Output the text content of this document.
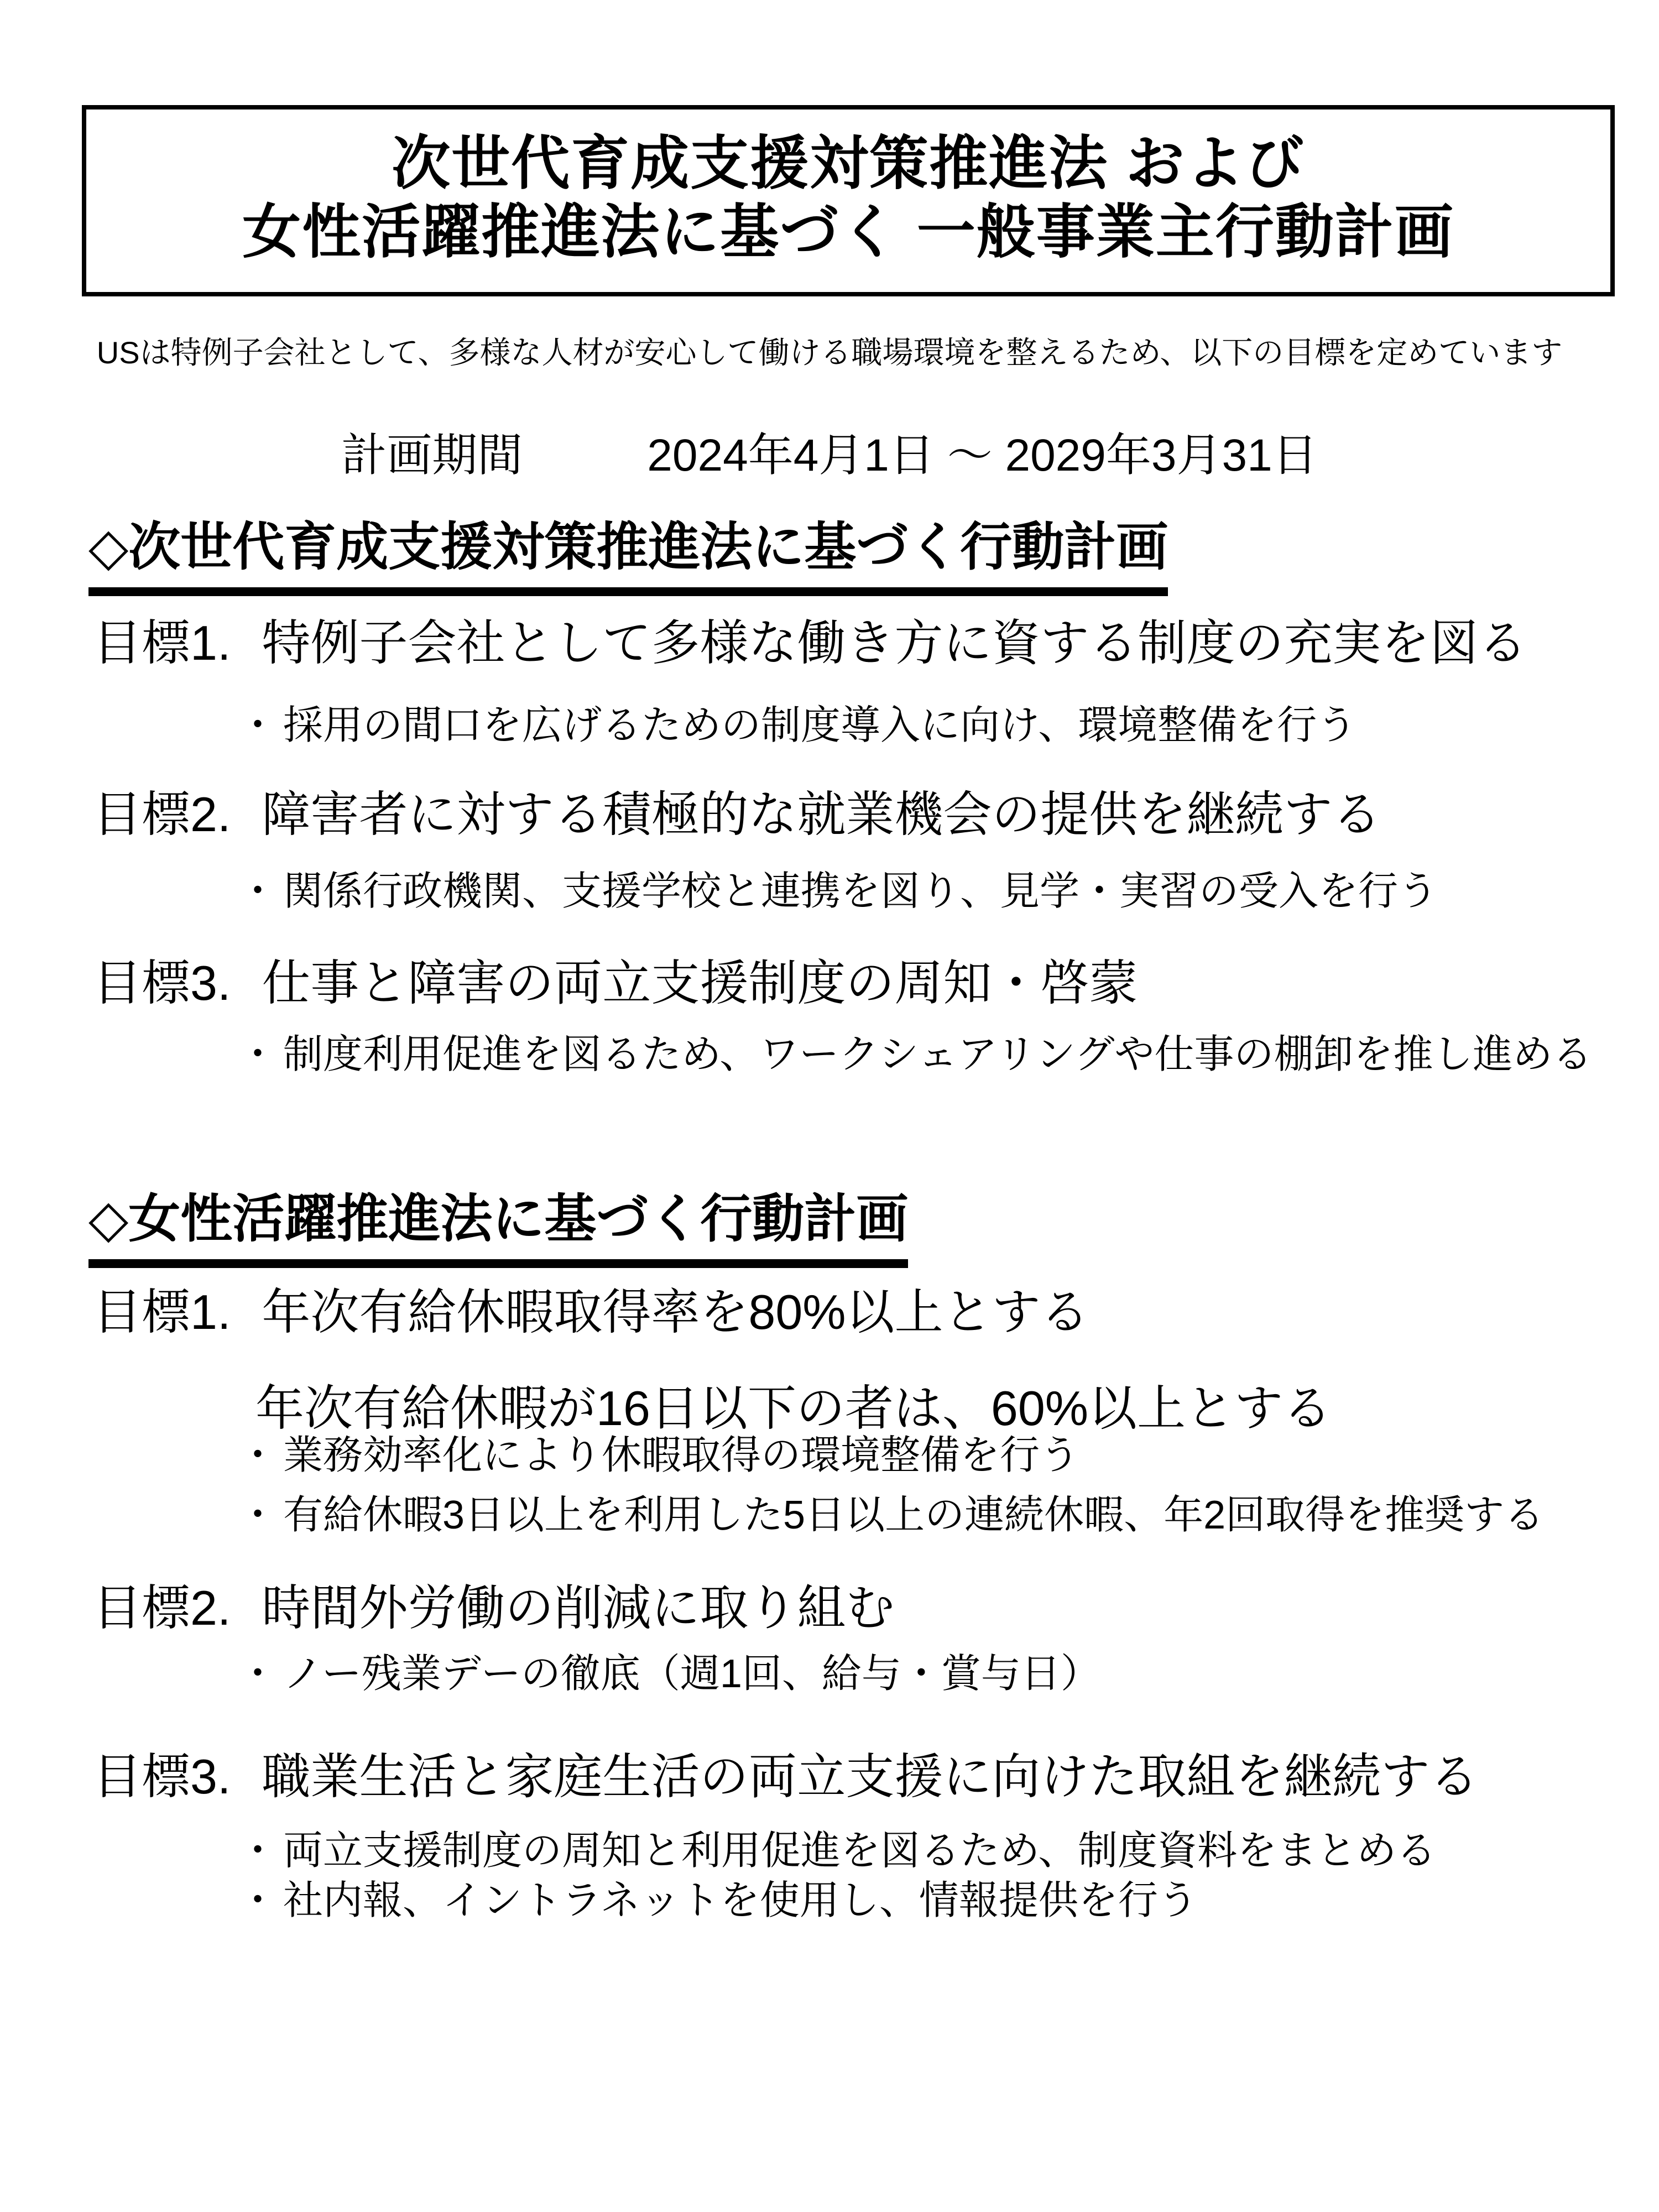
次世代育成支援対策推進法 および
女性活躍推進法に基づく 一般事業主行動計画
USは特例子会社として、多様な人材が安心して働ける職場環境を整えるため、以下の目標を定めています
計画期間	2024年4月1日 ～ 2029年3月31日
◇次世代育成支援対策推進法に基づく行動計画
目標1. 特例子会社として多様な働き方に資する制度の充実を図る
・ 採用の間口を広げるための制度導入に向け、環境整備を行う
目標2. 障害者に対する積極的な就業機会の提供を継続する
・ 関係行政機関、支援学校と連携を図り、見学・実習の受入を行う
目標3. 仕事と障害の両立支援制度の周知・啓蒙
・ 制度利用促進を図るため、ワークシェアリングや仕事の棚卸を推し進める
◇女性活躍推進法に基づく行動計画
目標1. 年次有給休暇取得率を80%以上とする
年次有給休暇が16日以下の者は、60%以上とする
・ 業務効率化により休暇取得の環境整備を行う
・ 有給休暇3日以上を利用した5日以上の連続休暇、年2回取得を推奨する
目標2. 時間外労働の削減に取り組む
・ ノー残業デーの徹底（週1回、給与・賞与日）
目標3. 職業生活と家庭生活の両立支援に向けた取組を継続する
・ 両立支援制度の周知と利用促進を図るため、制度資料をまとめる
・ 社内報、イントラネットを使用し、情報提供を行う
